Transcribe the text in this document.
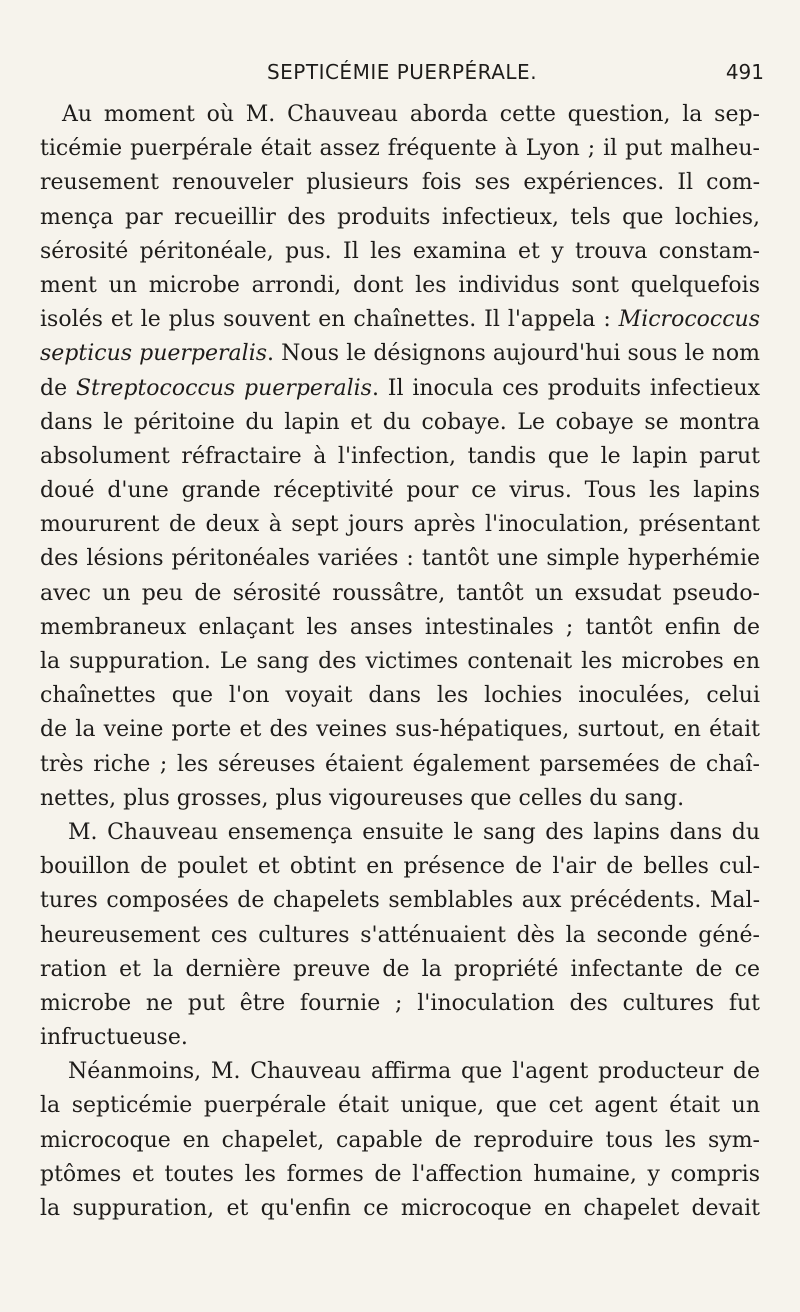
SEPTICÉMIE PUERPÉRALE.	491
Au moment où M. Chauveau aborda cette question, la sep-
ticémie puerpérale était assez fréquente à Lyon ; il put malheu-
reusement renouveler plusieurs fois ses expériences. Il com-
mença par recueillir des produits infectieux, tels que lochies,
sérosité péritonéale, pus. Il les examina et y trouva constam-
ment un microbe arrondi, dont les individus sont quelquefois
isolés et le plus souvent en chaînettes. Il l'appela : Micrococcus
septicus puerperalis. Nous le désignons aujourd'hui sous le nom
de Streptococcus puerperalis. Il inocula ces produits infectieux
dans le péritoine du lapin et du cobaye. Le cobaye se montra
absolument réfractaire à l'infection, tandis que le lapin parut
doué d'une grande réceptivité pour ce virus. Tous les lapins
moururent de deux à sept jours après l'inoculation, présentant
des lésions péritonéales variées : tantôt une simple hyperhémie
avec un peu de sérosité roussâtre, tantôt un exsudat pseudo-
membraneux enlaçant les anses intestinales ; tantôt enfin de
la suppuration. Le sang des victimes contenait les microbes en
chaînettes que l'on voyait dans les lochies inoculées, celui
de la veine porte et des veines sus-hépatiques, surtout, en était
très riche ; les séreuses étaient également parsemées de chaî-
nettes, plus grosses, plus vigoureuses que celles du sang.
M. Chauveau ensemença ensuite le sang des lapins dans du
bouillon de poulet et obtint en présence de l'air de belles cul-
tures composées de chapelets semblables aux précédents. Mal-
heureusement ces cultures s'atténuaient dès la seconde géné-
ration et la dernière preuve de la propriété infectante de ce
microbe ne put être fournie ; l'inoculation des cultures fut
infructueuse.
Néanmoins, M. Chauveau affirma que l'agent producteur de
la septicémie puerpérale était unique, que cet agent était un
microcoque en chapelet, capable de reproduire tous les sym-
ptômes et toutes les formes de l'affection humaine, y compris
la suppuration, et qu'enfin ce microcoque en chapelet devait
